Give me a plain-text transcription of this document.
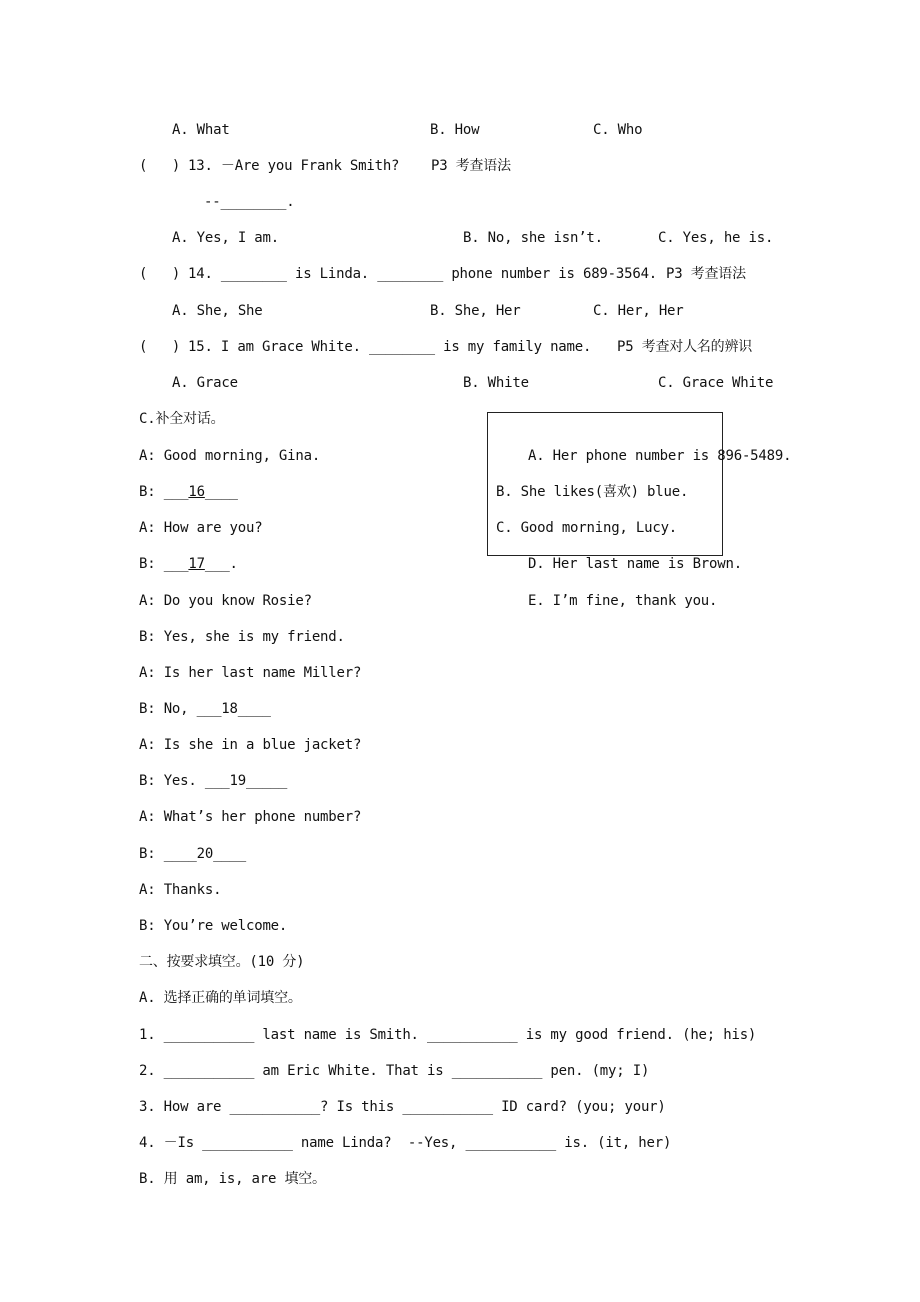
A. What	B. How	C. Who
(   ) 13. －Are you Frank Smith? P3 考查语法
--________.
A. Yes, I am.	B. No, she isn’t.	C. Yes, he is.
(   ) 14. ________ is Linda. ________ phone number is 689-3564. P3 考查语法
A. She, She	B. She, Her	C. Her, Her
(   ) 15. I am Grace White. ________ is my family name. P5 考查对人名的辨识
A. Grace	B. White	C. Grace White
C.补全对话。
A. Her phone number is 896-5489.
B. She likes(喜欢) blue.
C. Good morning, Lucy.
D. Her last name is Brown.
E. I’m fine, thank you.
A: Good morning, Gina.
B: ___16____
A: How are you?
B: ___17___.
A: Do you know Rosie?
B: Yes, she is my friend.
A: Is her last name Miller?
B: No, ___18____
A: Is she in a blue jacket?
B: Yes. ___19_____
A: What’s her phone number?
B: ____20____
A: Thanks.
B: You’re welcome.
二、按要求填空。(10 分)
A. 选择正确的单词填空。
1. ___________ last name is Smith. ___________ is my good friend. (he; his)
2. ___________ am Eric White. That is ___________ pen. (my; I)
3. How are ___________? Is this ___________ ID card? (you; your)
4. －Is ___________ name Linda?  --Yes, ___________ is. (it, her)
B. 用 am, is, are 填空。
